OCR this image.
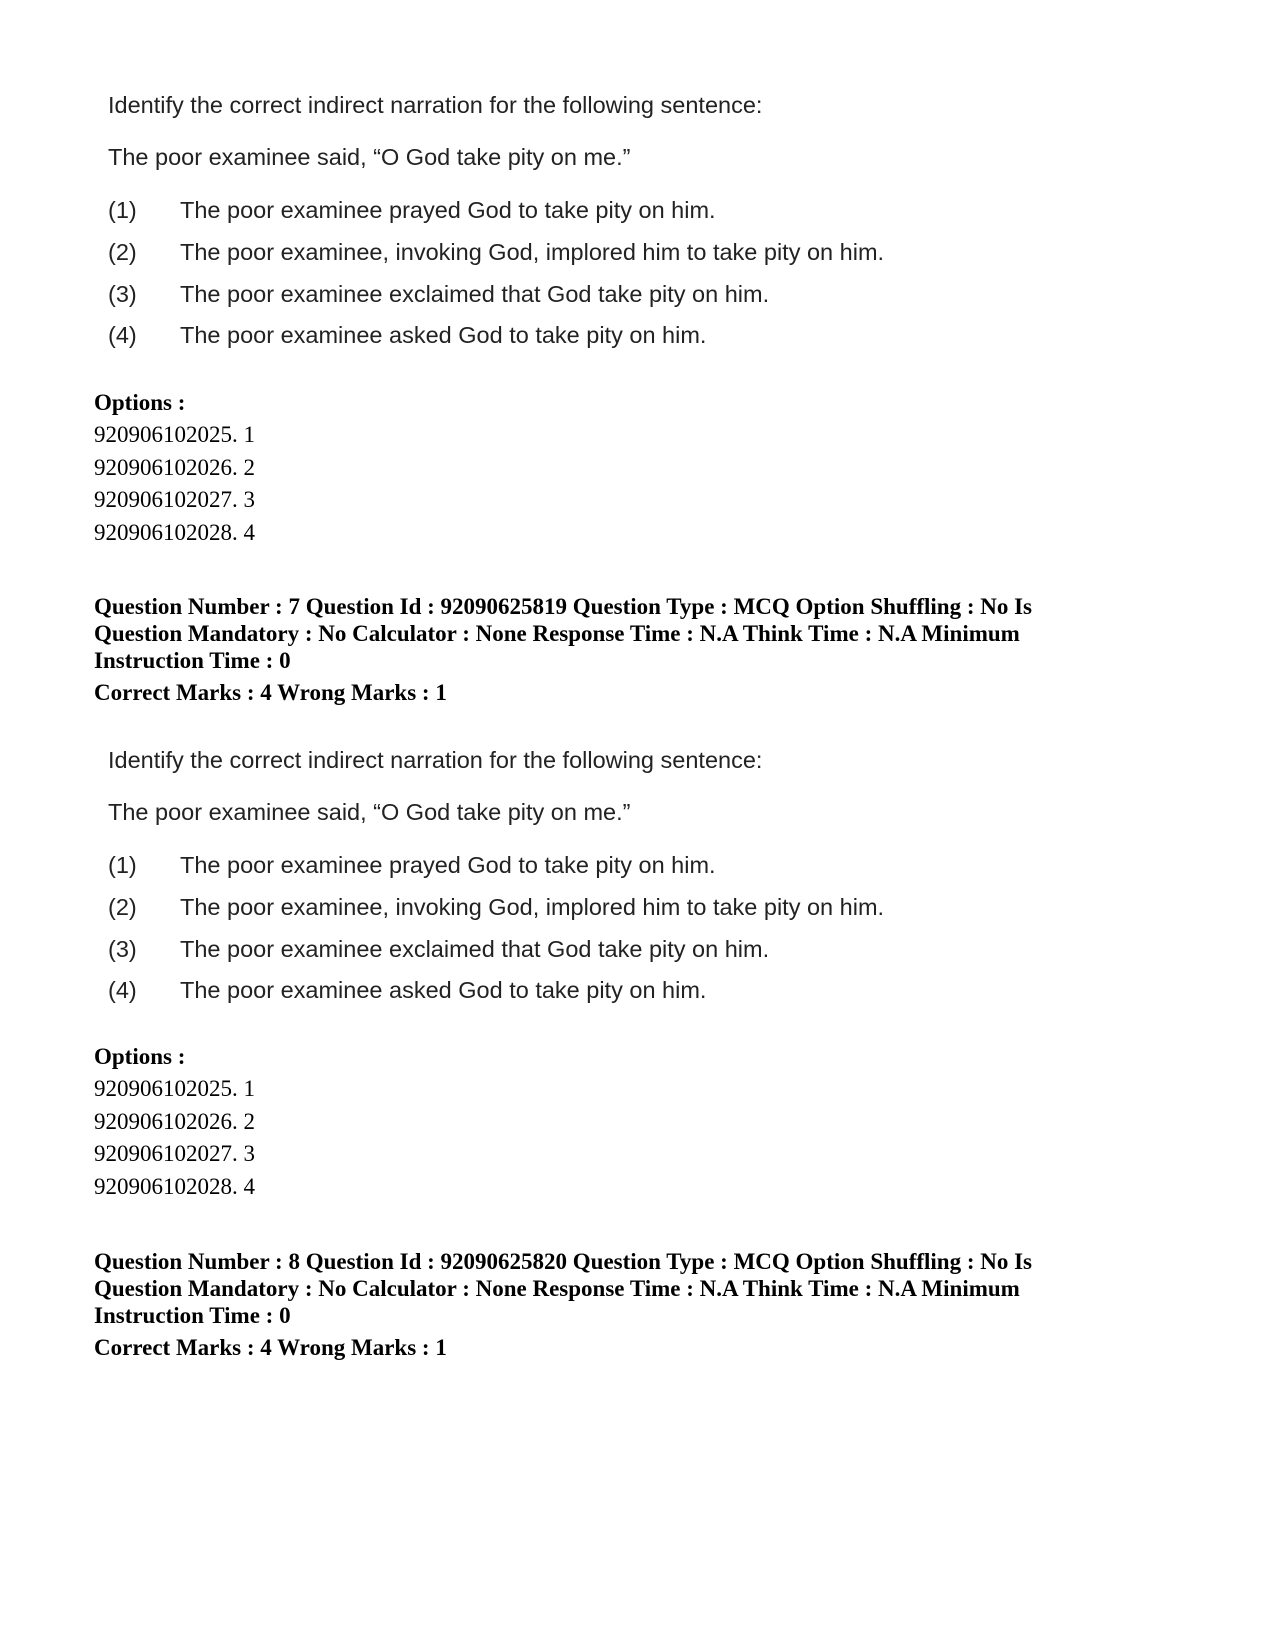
Identify the correct indirect narration for the following sentence:
The poor examinee said, “O God take pity on me.”
(1)	The poor examinee prayed God to take pity on him.
(2)	The poor examinee, invoking God, implored him to take pity on him.
(3)	The poor examinee exclaimed that God take pity on him.
(4)	The poor examinee asked God to take pity on him.
Options :
920906102025. 1
920906102026. 2
920906102027. 3
920906102028. 4
Question Number : 7 Question Id : 92090625819 Question Type : MCQ Option Shuffling : No Is
Question Mandatory : No Calculator : None Response Time : N.A Think Time : N.A Minimum
Instruction Time : 0
Correct Marks : 4 Wrong Marks : 1
Identify the correct indirect narration for the following sentence:
The poor examinee said, “O God take pity on me.”
(1)	The poor examinee prayed God to take pity on him.
(2)	The poor examinee, invoking God, implored him to take pity on him.
(3)	The poor examinee exclaimed that God take pity on him.
(4)	The poor examinee asked God to take pity on him.
Options :
920906102025. 1
920906102026. 2
920906102027. 3
920906102028. 4
Question Number : 8 Question Id : 92090625820 Question Type : MCQ Option Shuffling : No Is
Question Mandatory : No Calculator : None Response Time : N.A Think Time : N.A Minimum
Instruction Time : 0
Correct Marks : 4 Wrong Marks : 1
